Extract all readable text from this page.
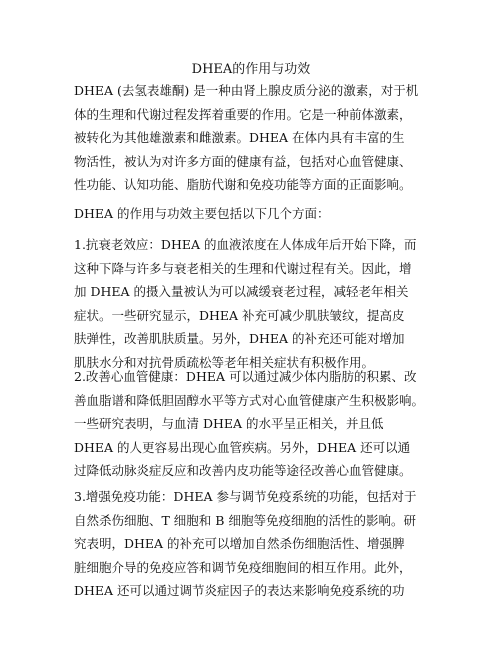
DHEA的作用与功效
DHEA (去氢表雄酮) 是一种由肾上腺皮质分泌的激素，对于机
体的生理和代谢过程发挥着重要的作用。它是一种前体激素，
被转化为其他雄激素和雌激素。DHEA 在体内具有丰富的生
物活性，被认为对许多方面的健康有益，包括对心血管健康、
性功能、认知功能、脂肪代谢和免疫功能等方面的正面影响。
DHEA 的作用与功效主要包括以下几个方面：
1.抗衰老效应：DHEA 的血液浓度在人体成年后开始下降，而
这种下降与许多与衰老相关的生理和代谢过程有关。因此，增
加 DHEA 的摄入量被认为可以减缓衰老过程，减轻老年相关
症状。一些研究显示，DHEA 补充可减少肌肤皱纹，提高皮
肤弹性，改善肌肤质量。另外，DHEA 的补充还可能对增加
肌肤水分和对抗骨质疏松等老年相关症状有积极作用。
2.改善心血管健康：DHEA 可以通过减少体内脂肪的积累、改
善血脂谱和降低胆固醇水平等方式对心血管健康产生积极影响。
一些研究表明，与血清 DHEA 的水平呈正相关，并且低
DHEA 的人更容易出现心血管疾病。另外，DHEA 还可以通
过降低动脉炎症反应和改善内皮功能等途径改善心血管健康。
3.增强免疫功能：DHEA 参与调节免疫系统的功能，包括对于
自然杀伤细胞、T 细胞和 B 细胞等免疫细胞的活性的影响。研
究表明，DHEA 的补充可以增加自然杀伤细胞活性、增强脾
脏细胞介导的免疫应答和调节免疫细胞间的相互作用。此外，
DHEA 还可以通过调节炎症因子的表达来影响免疫系统的功
